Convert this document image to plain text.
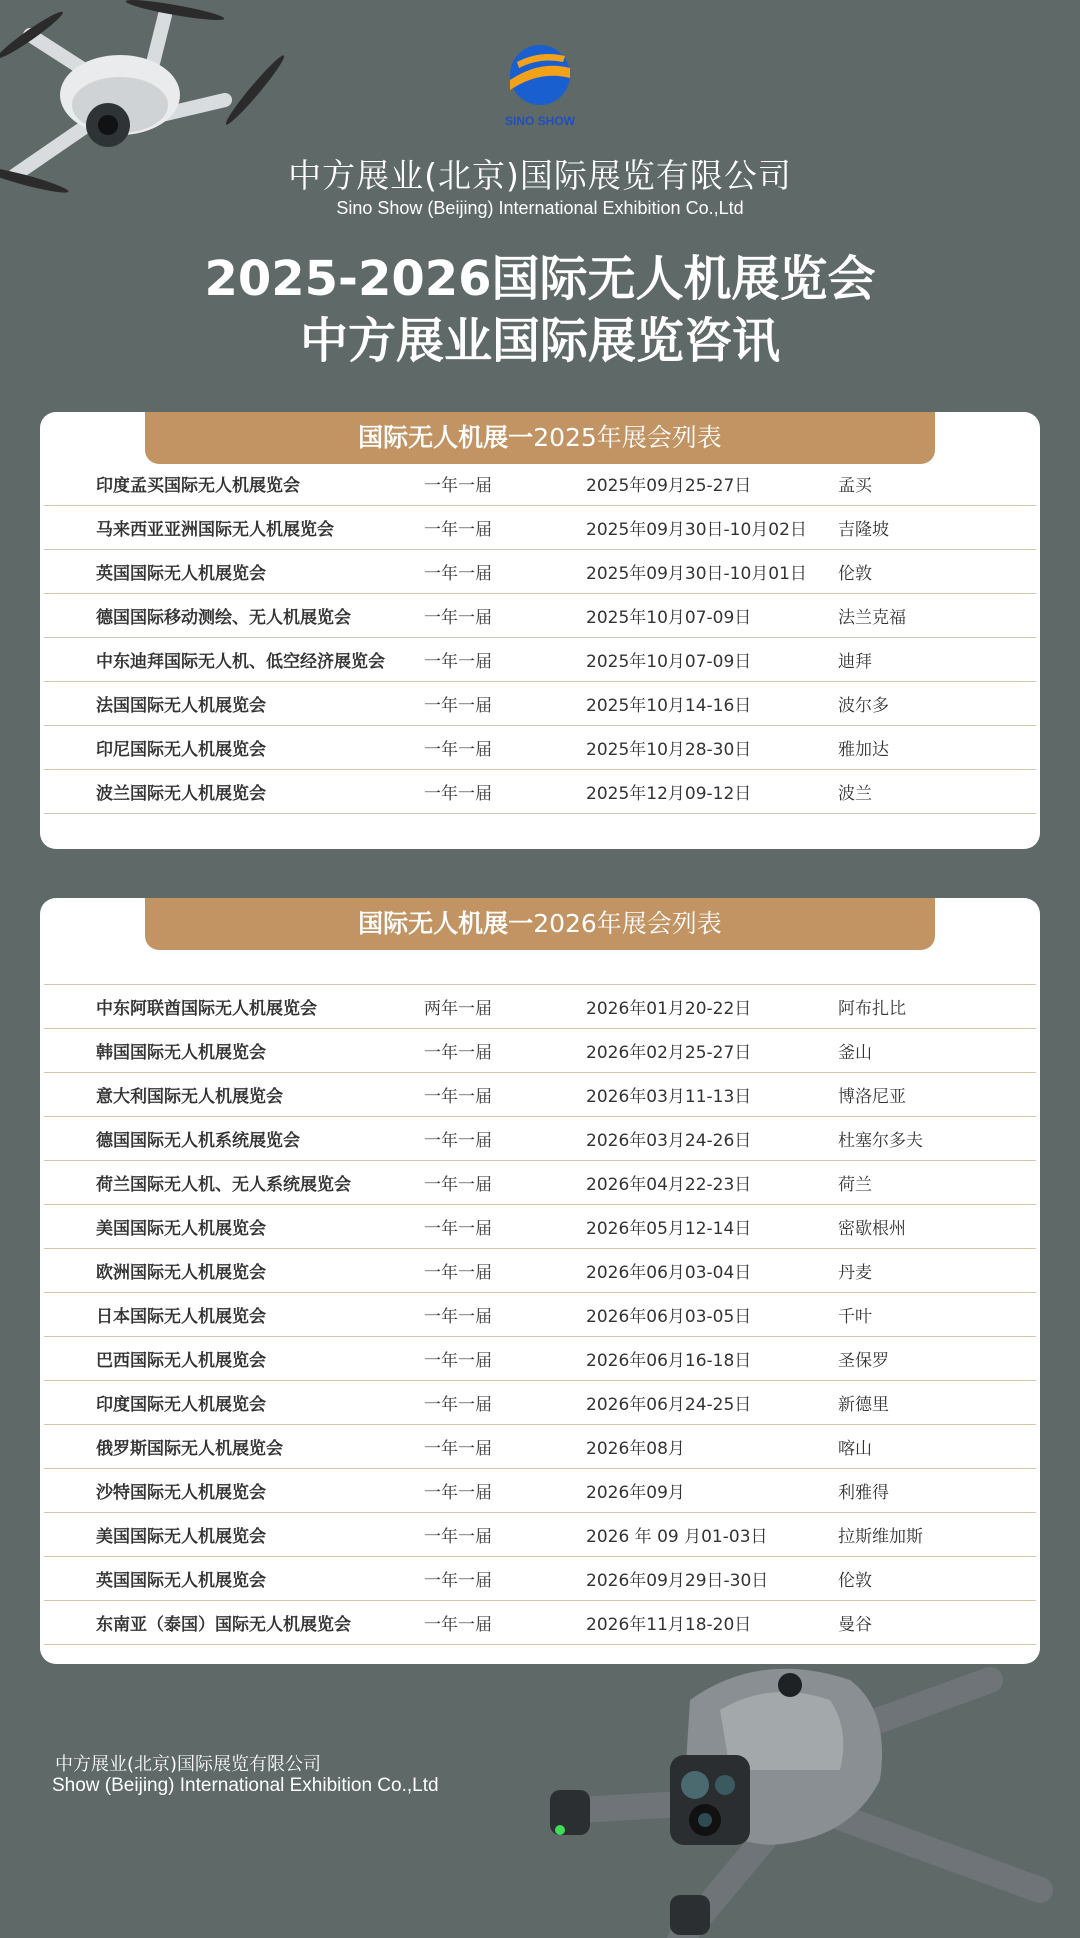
SINO SHOW
中方展业(北京)国际展览有限公司
Sino Show (Beijing) International Exhibition Co.,Ltd
2025-2026国际无人机展览会
中方展业国际展览咨讯
国际无人机展一2025年展会列表
印度孟买国际无人机展览会	一年一届	2025年09月25-27日	孟买
马来西亚亚洲国际无人机展览会	一年一届	2025年09月30日-10月02日	吉隆坡
英国国际无人机展览会	一年一届	2025年09月30日-10月01日	伦敦
德国国际移动测绘、无人机展览会	一年一届	2025年10月07-09日	法兰克福
中东迪拜国际无人机、低空经济展览会	一年一届	2025年10月07-09日	迪拜
法国国际无人机展览会	一年一届	2025年10月14-16日	波尔多
印尼国际无人机展览会	一年一届	2025年10月28-30日	雅加达
波兰国际无人机展览会	一年一届	2025年12月09-12日	波兰
国际无人机展一2026年展会列表
中东阿联酋国际无人机展览会	两年一届	2026年01月20-22日	阿布扎比
韩国国际无人机展览会	一年一届	2026年02月25-27日	釜山
意大利国际无人机展览会	一年一届	2026年03月11-13日	博洛尼亚
德国国际无人机系统展览会	一年一届	2026年03月24-26日	杜塞尔多夫
荷兰国际无人机、无人系统展览会	一年一届	2026年04月22-23日	荷兰
美国国际无人机展览会	一年一届	2026年05月12-14日	密歇根州
欧洲国际无人机展览会	一年一届	2026年06月03-04日	丹麦
日本国际无人机展览会	一年一届	2026年06月03-05日	千叶
巴西国际无人机展览会	一年一届	2026年06月16-18日	圣保罗
印度国际无人机展览会	一年一届	2026年06月24-25日	新德里
俄罗斯国际无人机展览会	一年一届	2026年08月	喀山
沙特国际无人机展览会	一年一届	2026年09月	利雅得
美国国际无人机展览会	一年一届	2026 年 09 月01-03日	拉斯维加斯
英国国际无人机展览会	一年一届	2026年09月29日-30日	伦敦
东南亚（泰国）国际无人机展览会	一年一届	2026年11月18-20日	曼谷
中方展业(北京)国际展览有限公司
Show (Beijing) International Exhibition Co.,Ltd
